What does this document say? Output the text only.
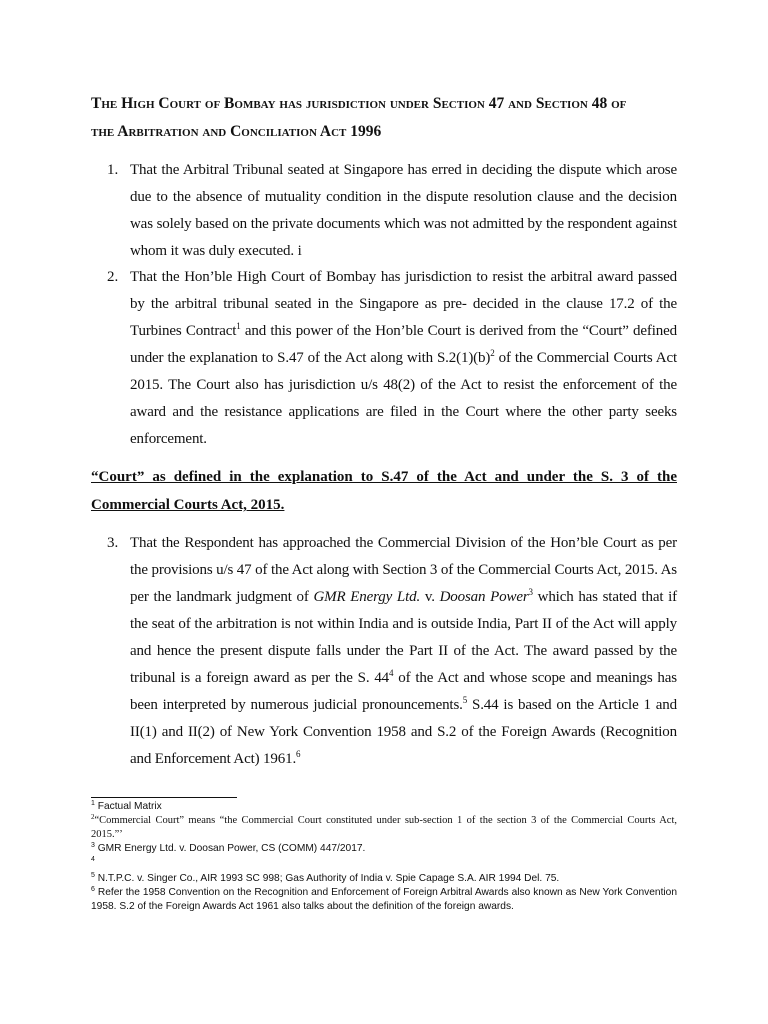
The High Court of Bombay has jurisdiction under Section 47 and Section 48 of
the Arbitration and Conciliation Act 1996

1. That the Arbitral Tribunal seated at Singapore has erred in deciding the dispute which arose due to the absence of mutuality condition in the dispute resolution clause and the decision was solely based on the private documents which was not admitted by the respondent against whom it was duly executed. i
2. That the Hon’ble High Court of Bombay has jurisdiction to resist the arbitral award passed by the arbitral tribunal seated in the Singapore as pre- decided in the clause 17.2 of the Turbines Contract$^1$ and this power of the Hon’ble Court is derived from the “Court” defined under the explanation to S.47 of the Act along with $S.2(1)(b)^2$ of the Commercial Courts Act 2015. The Court also has jurisdiction u/s 48(2) of the Act to resist the enforcement of the award and the resistance applications are filed in the Court where the other party seeks enforcement.

“Court” as defined in the explanation to S.47 of the Act and under the S. 3 of the Commercial Courts Act, 2015.

3. That the Respondent has approached the Commercial Division of the Hon’ble Court as per the provisions u/s 47 of the Act along with Section 3 of the Commercial Courts Act, 2015. As per the landmark judgment of GMR Energy Ltd. v. Doosan Power$^3$ which has stated that if the seat of the arbitration is not within India and is outside India, Part II of the Act will apply and hence the present dispute falls under the Part II of the Act. The award passed by the tribunal is a foreign award as per the S. $44^4$ of the Act and whose scope and meanings has been interpreted by numerous judicial pronouncements.$^5$ S.44 is based on the Article 1 and II(1) and II(2) of New York Convention 1958 and S.2 of the Foreign Awards (Recognition and Enforcement Act) 1961.$^6$

$^1$ Factual Matrix

$^2$“Commercial Court” means “the Commercial Court constituted under sub-section 1 of the section 3 of the Commercial Courts Act, 2015.”’

$^3$ GMR Energy Ltd. v. Doosan Power, CS (COMM) 447/2017.

$^4$

$^5$ N.T.P.C. v. Singer Co., AIR 1993 SC 998; Gas Authority of India v. Spie Capage S.A. AIR 1994 Del. 75.

$^6$ Refer the 1958 Convention on the Recognition and Enforcement of Foreign Arbitral Awards also known as New York Convention 1958. S.2 of the Foreign Awards Act 1961 also talks about the definition of the foreign awards.
